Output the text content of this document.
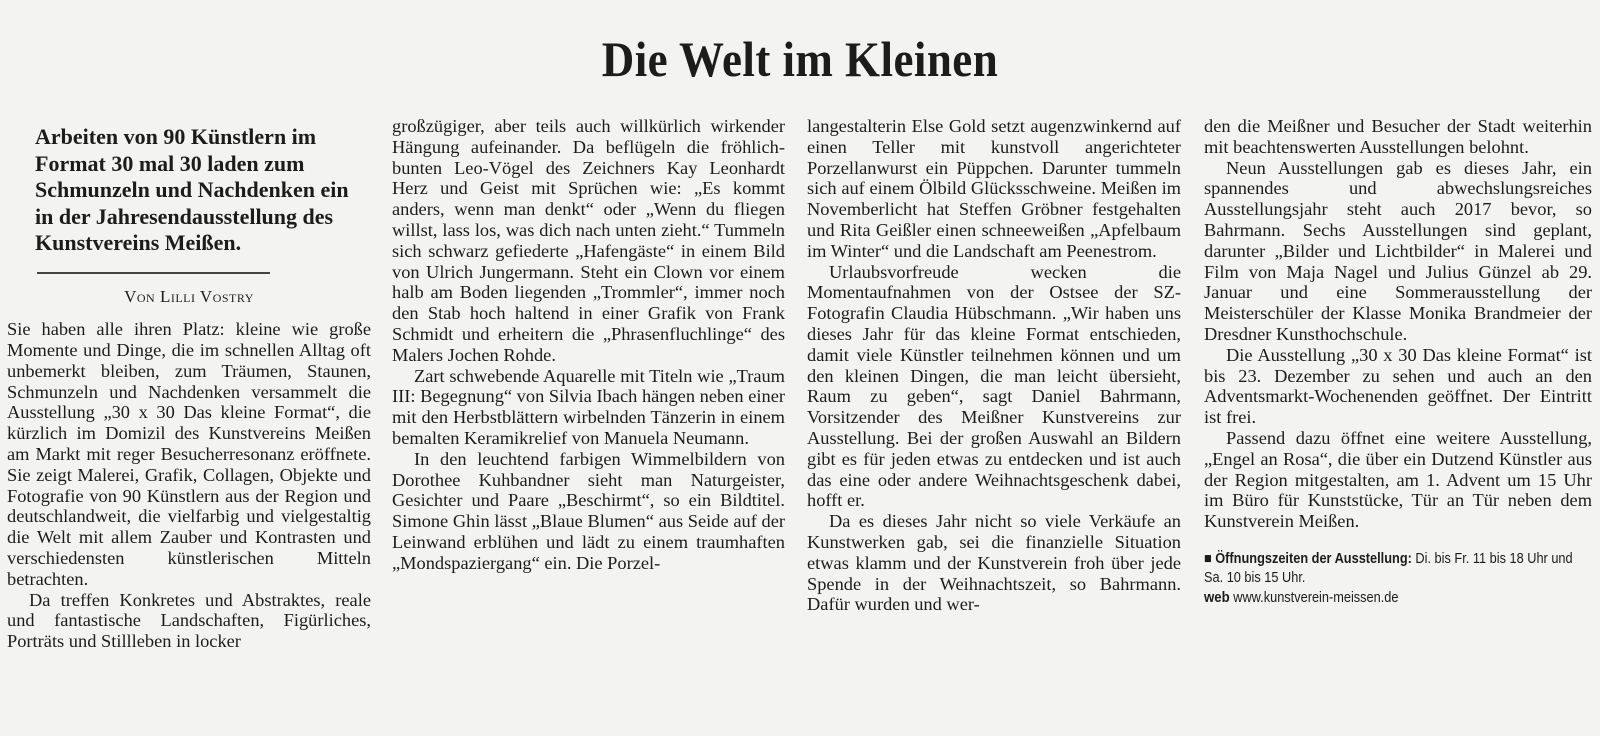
Die Welt im Kleinen
Arbeiten von 90 Künstlern im Format 30 mal 30 laden zum Schmunzeln und Nachdenken ein in der Jahresendausstellung des Kunstvereins Meißen.
Von Lilli Vostry

Sie haben alle ihren Platz: kleine wie große Momente und Dinge, die im schnellen Alltag oft unbemerkt bleiben, zum Träumen, Staunen, Schmunzeln und Nachdenken versammelt die Ausstellung „30 x 30 Das kleine Format“, die kürzlich im Domizil des Kunstvereins Meißen am Markt mit reger Besucherresonanz eröffnete. Sie zeigt Malerei, Grafik, Collagen, Objekte und Fotografie von 90 Künstlern aus der Region und deutschlandweit, die vielfarbig und vielgestaltig die Welt mit allem Zauber und Kontrasten und verschiedensten künstlerischen Mitteln betrachten.

Da treffen Konkretes und Abstraktes, reale und fantastische Landschaften, Figürliches, Porträts und Stillleben in locker

großzügiger, aber teils auch willkürlich wirkender Hängung aufeinander. Da beflügeln die fröhlich-bunten Leo-Vögel des Zeichners Kay Leonhardt Herz und Geist mit Sprüchen wie: „Es kommt anders, wenn man denkt“ oder „Wenn du fliegen willst, lass los, was dich nach unten zieht.“ Tummeln sich schwarz gefiederte „Hafengäste“ in einem Bild von Ulrich Jungermann. Steht ein Clown vor einem halb am Boden liegenden „Trommler“, immer noch den Stab hoch haltend in einer Grafik von Frank Schmidt und erheitern die „Phrasenfluchlinge“ des Malers Jochen Rohde.

Zart schwebende Aquarelle mit Titeln wie „Traum III: Begegnung“ von Silvia Ibach hängen neben einer mit den Herbstblättern wirbelnden Tänzerin in einem bemalten Keramikrelief von Manuela Neumann.

In den leuchtend farbigen Wimmelbildern von Dorothee Kuhbandner sieht man Naturgeister, Gesichter und Paare „Beschirmt“, so ein Bildtitel. Simone Ghin lässt „Blaue Blumen“ aus Seide auf der Leinwand erblühen und lädt zu einem traumhaften „Mondspaziergang“ ein. Die Porzel-

langestalterin Else Gold setzt augenzwinkernd auf einen Teller mit kunstvoll angerichteter Porzellanwurst ein Püppchen. Darunter tummeln sich auf einem Ölbild Glücksschweine. Meißen im Novemberlicht hat Steffen Gröbner festgehalten und Rita Geißler einen schneeweißen „Apfelbaum im Winter“ und die Landschaft am Peenestrom.

Urlaubsvorfreude wecken die Momentaufnahmen von der Ostsee der SZ-Fotografin Claudia Hübschmann. „Wir haben uns dieses Jahr für das kleine Format entschieden, damit viele Künstler teilnehmen können und um den kleinen Dingen, die man leicht übersieht, Raum zu geben“, sagt Daniel Bahrmann, Vorsitzender des Meißner Kunstvereins zur Ausstellung. Bei der großen Auswahl an Bildern gibt es für jeden etwas zu entdecken und ist auch das eine oder andere Weihnachtsgeschenk dabei, hofft er.

Da es dieses Jahr nicht so viele Verkäufe an Kunstwerken gab, sei die finanzielle Situation etwas klamm und der Kunstverein froh über jede Spende in der Weihnachtszeit, so Bahrmann. Dafür wurden und wer-

den die Meißner und Besucher der Stadt weiterhin mit beachtenswerten Ausstellungen belohnt.

Neun Ausstellungen gab es dieses Jahr, ein spannendes und abwechslungsreiches Ausstellungsjahr steht auch 2017 bevor, so Bahrmann. Sechs Ausstellungen sind geplant, darunter „Bilder und Lichtbilder“ in Malerei und Film von Maja Nagel und Julius Günzel ab 29. Januar und eine Sommerausstellung der Meisterschüler der Klasse Monika Brandmeier der Dresdner Kunsthochschule.

Die Ausstellung „30 x 30 Das kleine Format“ ist bis 23. Dezember zu sehen und auch an den Adventsmarkt-Wochenenden geöffnet. Der Eintritt ist frei.

Passend dazu öffnet eine weitere Ausstellung, „Engel an Rosa“, die über ein Dutzend Künstler aus der Region mitgestalten, am 1. Advent um 15 Uhr im Büro für Kunststücke, Tür an Tür neben dem Kunstverein Meißen.

■ Öffnungszeiten der Ausstellung: Di. bis Fr. 11 bis 18 Uhr und Sa. 10 bis 15 Uhr.
web www.kunstverein-meissen.de
